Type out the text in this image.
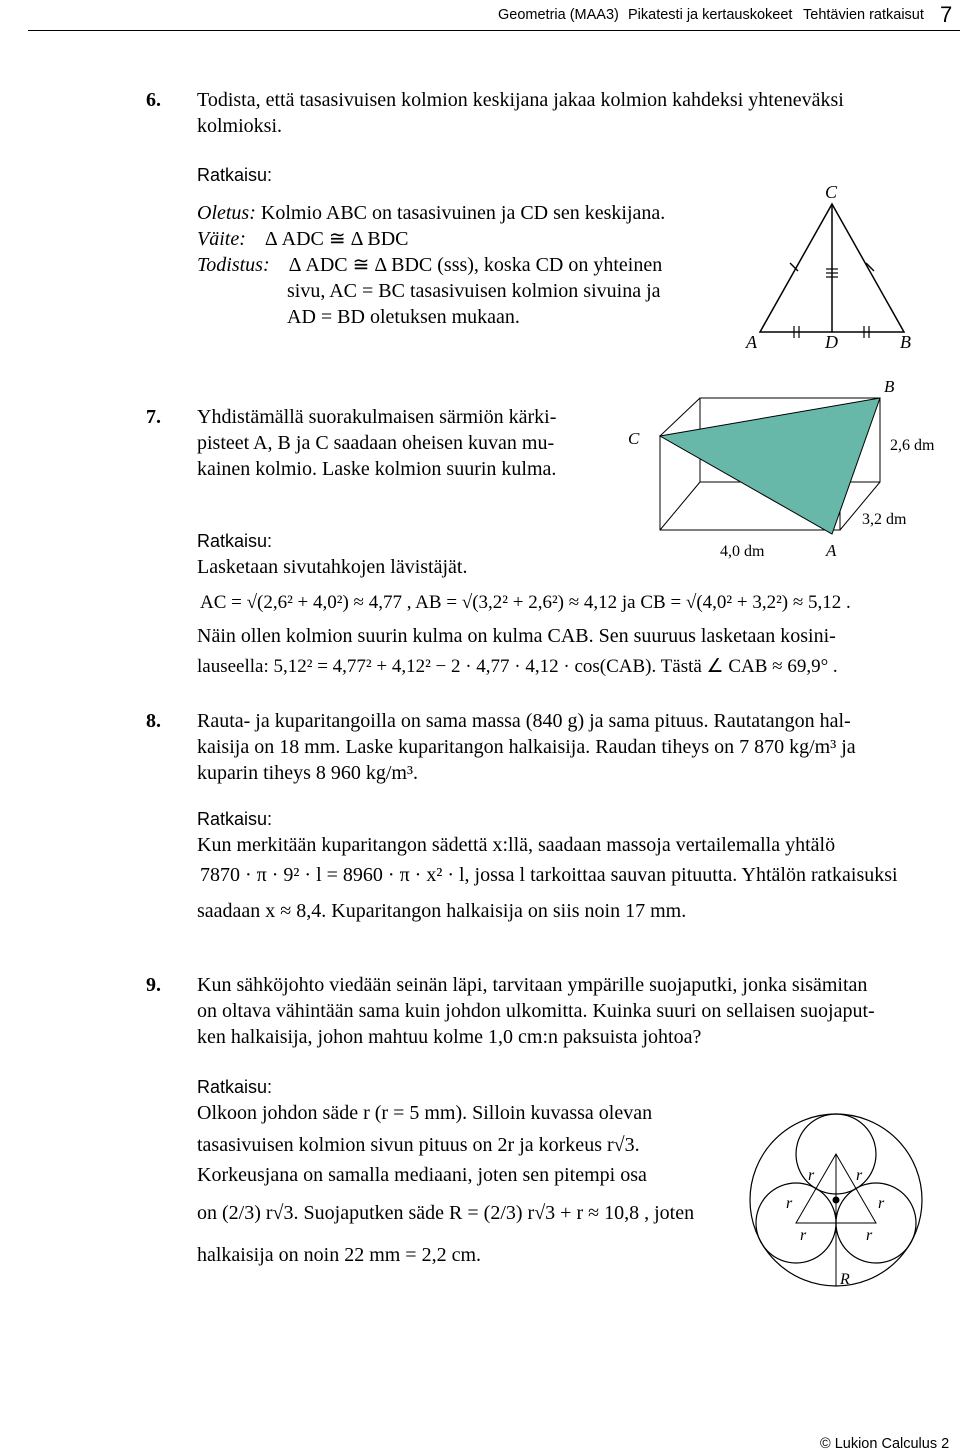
Geometria (MAA3) Pikatesti ja kertauskokeet Tehtävien ratkaisut 7
6. Todista, että tasasivuisen kolmion keskijana jakaa kolmion kahdeksi yhteneväksi
kolmioksi.
Ratkaisu:
Oletus: Kolmio ABC on tasasivuinen ja CD sen keskijana.
Väite: Δ ADC ≅ Δ BDC
Todistus: Δ ADC ≅ Δ BDC (sss), koska CD on yhteinen
sivu, AC = BC tasasivuisen kolmion sivuina ja
AD = BD oletuksen mukaan.
C
A	D	B
7. Yhdistämällä suorakulmaisen särmiön kärki-
pisteet A, B ja C saadaan oheisen kuvan mu-
kainen kolmio. Laske kolmion suurin kulma.
B
C
A
2,6 dm
3,2 dm
4,0 dm
Ratkaisu:
Lasketaan sivutahkojen lävistäjät.
AC = √(2,6² + 4,0²) ≈ 4,77 , AB = √(3,2² + 2,6²) ≈ 4,12 ja CB = √(4,0² + 3,2²) ≈ 5,12 .
Näin ollen kolmion suurin kulma on kulma CAB. Sen suuruus lasketaan kosini-
lauseella: 5,12² = 4,77² + 4,12² − 2 · 4,77 · 4,12 · cos(CAB). Tästä ∠ CAB ≈ 69,9° .
8. Rauta- ja kuparitangoilla on sama massa (840 g) ja sama pituus. Rautatangon hal-
kaisija on 18 mm. Laske kuparitangon halkaisija. Raudan tiheys on 7 870 kg/m³ ja
kuparin tiheys 8 960 kg/m³.
Ratkaisu:
Kun merkitään kuparitangon sädettä x:llä, saadaan massoja vertailemalla yhtälö
7870 · π · 9² · l = 8960 · π · x² · l, jossa l tarkoittaa sauvan pituutta. Yhtälön ratkaisuksi
saadaan x ≈ 8,4. Kuparitangon halkaisija on siis noin 17 mm.
9. Kun sähköjohto viedään seinän läpi, tarvitaan ympärille suojaputki, jonka sisämitan
on oltava vähintään sama kuin johdon ulkomitta. Kuinka suuri on sellaisen suojaput-
ken halkaisija, johon mahtuu kolme 1,0 cm:n paksuista johtoa?
Ratkaisu:
Olkoon johdon säde r (r = 5 mm). Silloin kuvassa olevan
tasasivuisen kolmion sivun pituus on 2r ja korkeus r√3.
Korkeusjana on samalla mediaani, joten sen pitempi osa
on (2/3) r√3. Suojaputken säde R = (2/3) r√3 + r ≈ 10,8 , joten
halkaisija on noin 22 mm = 2,2 cm.
r	r
r	r
r	r
R
© Lukion Calculus 2
